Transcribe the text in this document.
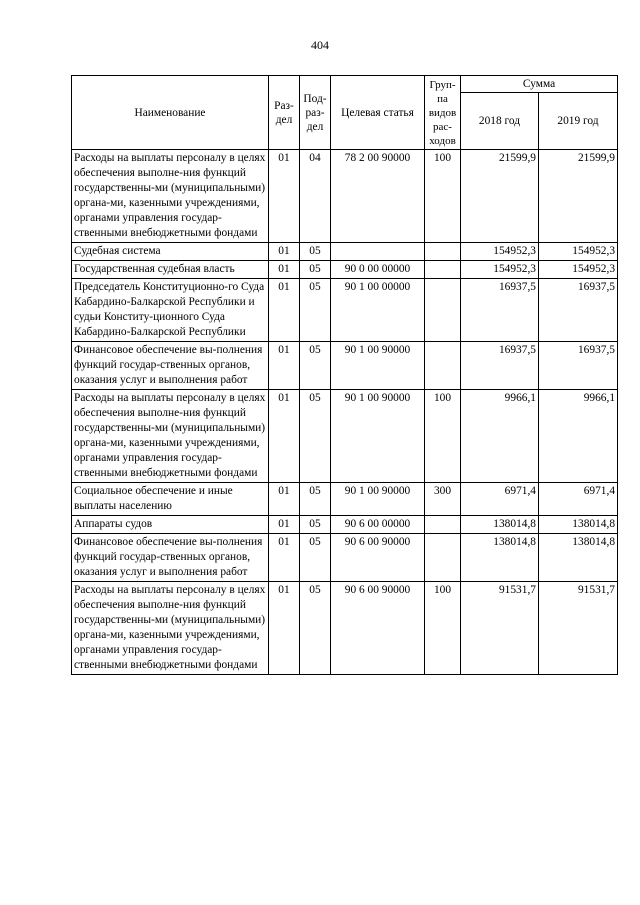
404
Наименование	Раз-дел	Под-раз-дел	Целевая статья	Груп-па видов рас-ходов	Сумма	
					2018 год	2019 год
Расходы на выплаты персоналу в целях обеспечения выполне-ния функций государственны-ми (муниципальными) органа-ми, казенными учреждениями, органами управления государ-ственными внебюджетными фондами	01	04	78 2 00 90000	100	21599,9	21599,9
Судебная система	01	05			154952,3	154952,3
Государственная судебная власть	01	05	90 0 00 00000		154952,3	154952,3
Председатель Конституционно-го Суда Кабардино-Балкарской Республики и судьи Конститу-ционного Суда Кабардино-Балкарской Республики	01	05	90 1 00 00000		16937,5	16937,5
Финансовое обеспечение вы-полнения функций государ-ственных органов, оказания услуг и выполнения работ	01	05	90 1 00 90000		16937,5	16937,5
Расходы на выплаты персоналу в целях обеспечения выполне-ния функций государственны-ми (муниципальными) органа-ми, казенными учреждениями, органами управления государ-ственными внебюджетными фондами	01	05	90 1 00 90000	100	9966,1	9966,1
Социальное обеспечение и иные выплаты населению	01	05	90 1 00 90000	300	6971,4	6971,4
Аппараты судов	01	05	90 6 00 00000		138014,8	138014,8
Финансовое обеспечение вы-полнения функций государ-ственных органов, оказания услуг и выполнения работ	01	05	90 6 00 90000		138014,8	138014,8
Расходы на выплаты персоналу в целях обеспечения выполне-ния функций государственны-ми (муниципальными) органа-ми, казенными учреждениями, органами управления государ-ственными внебюджетными фондами	01	05	90 6 00 90000	100	91531,7	91531,7
